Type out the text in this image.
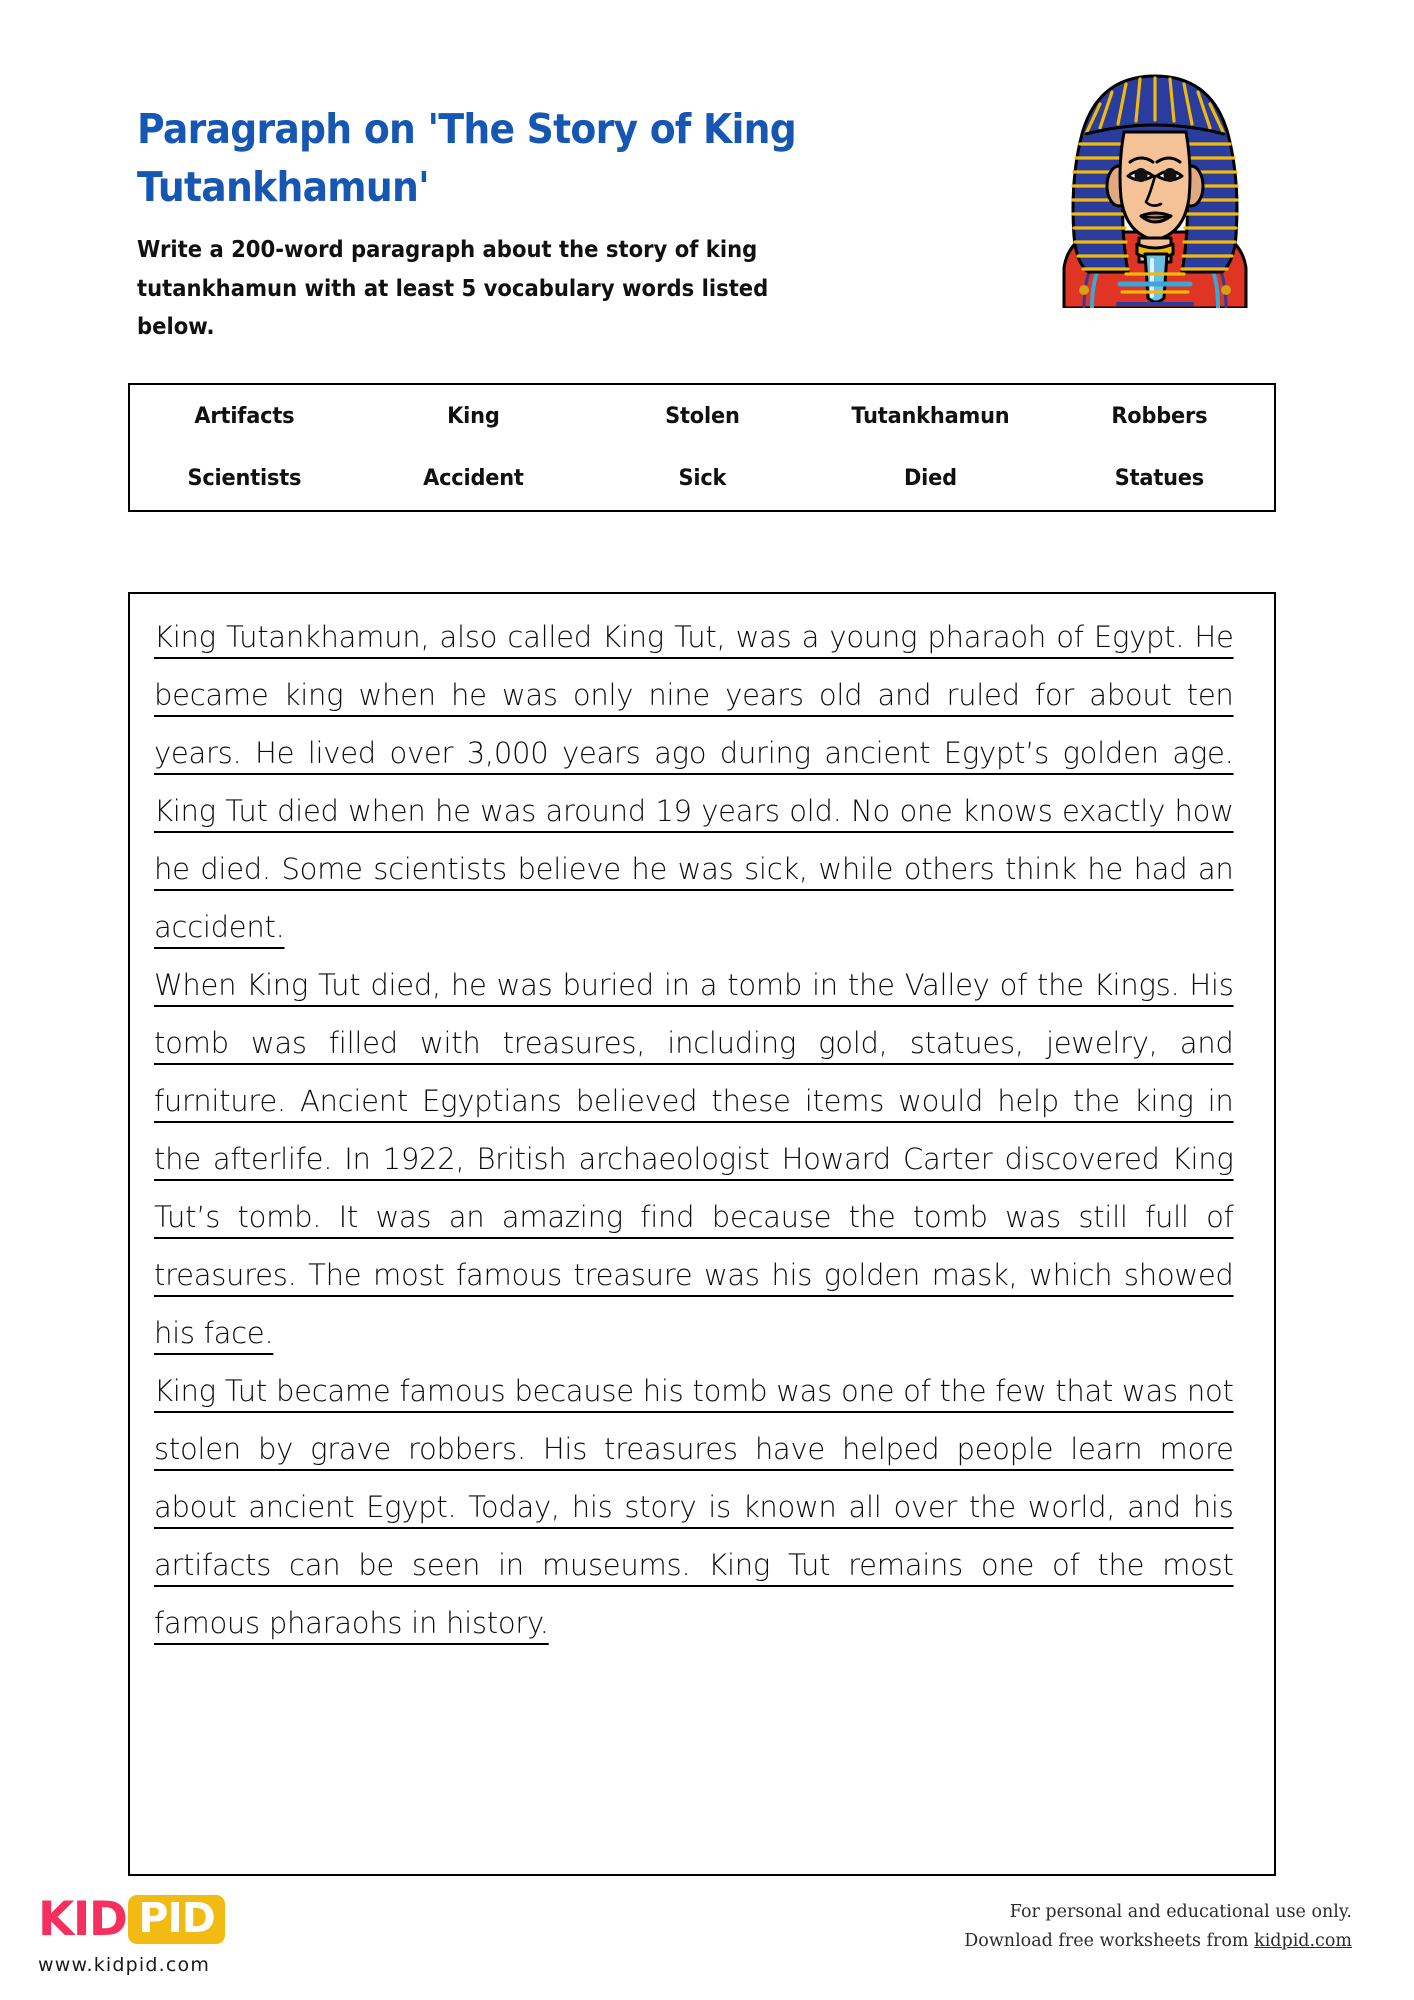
Paragraph on 'The Story of King Tutankhamun'
Write a 200-word paragraph about the story of king tutankhamun with at least 5 vocabulary words listed below.
Artifacts	King	Stolen	Tutankhamun	Robbers
Scientists	Accident	Sick	Died	Statues
King Tutankhamun, also called King Tut, was a young pharaoh of Egypt. He became king when he was only nine years old and ruled for about ten years. He lived over 3,000 years ago during ancient Egypt’s golden age. King Tut died when he was around 19 years old. No one knows exactly how he died. Some scientists believe he was sick, while others think he had an accident.
When King Tut died, he was buried in a tomb in the Valley of the Kings. His tomb was filled with treasures, including gold, statues, jewelry, and furniture. Ancient Egyptians believed these items would help the king in the afterlife. In 1922, British archaeologist Howard Carter discovered King Tut’s tomb. It was an amazing find because the tomb was still full of treasures. The most famous treasure was his golden mask, which showed his face.
King Tut became famous because his tomb was one of the few that was not stolen by grave robbers. His treasures have helped people learn more about ancient Egypt. Today, his story is known all over the world, and his artifacts can be seen in museums. King Tut remains one of the most famous pharaohs in history.
KID PID
www.kidpid.com
For personal and educational use only.
Download free worksheets from kidpid.com
